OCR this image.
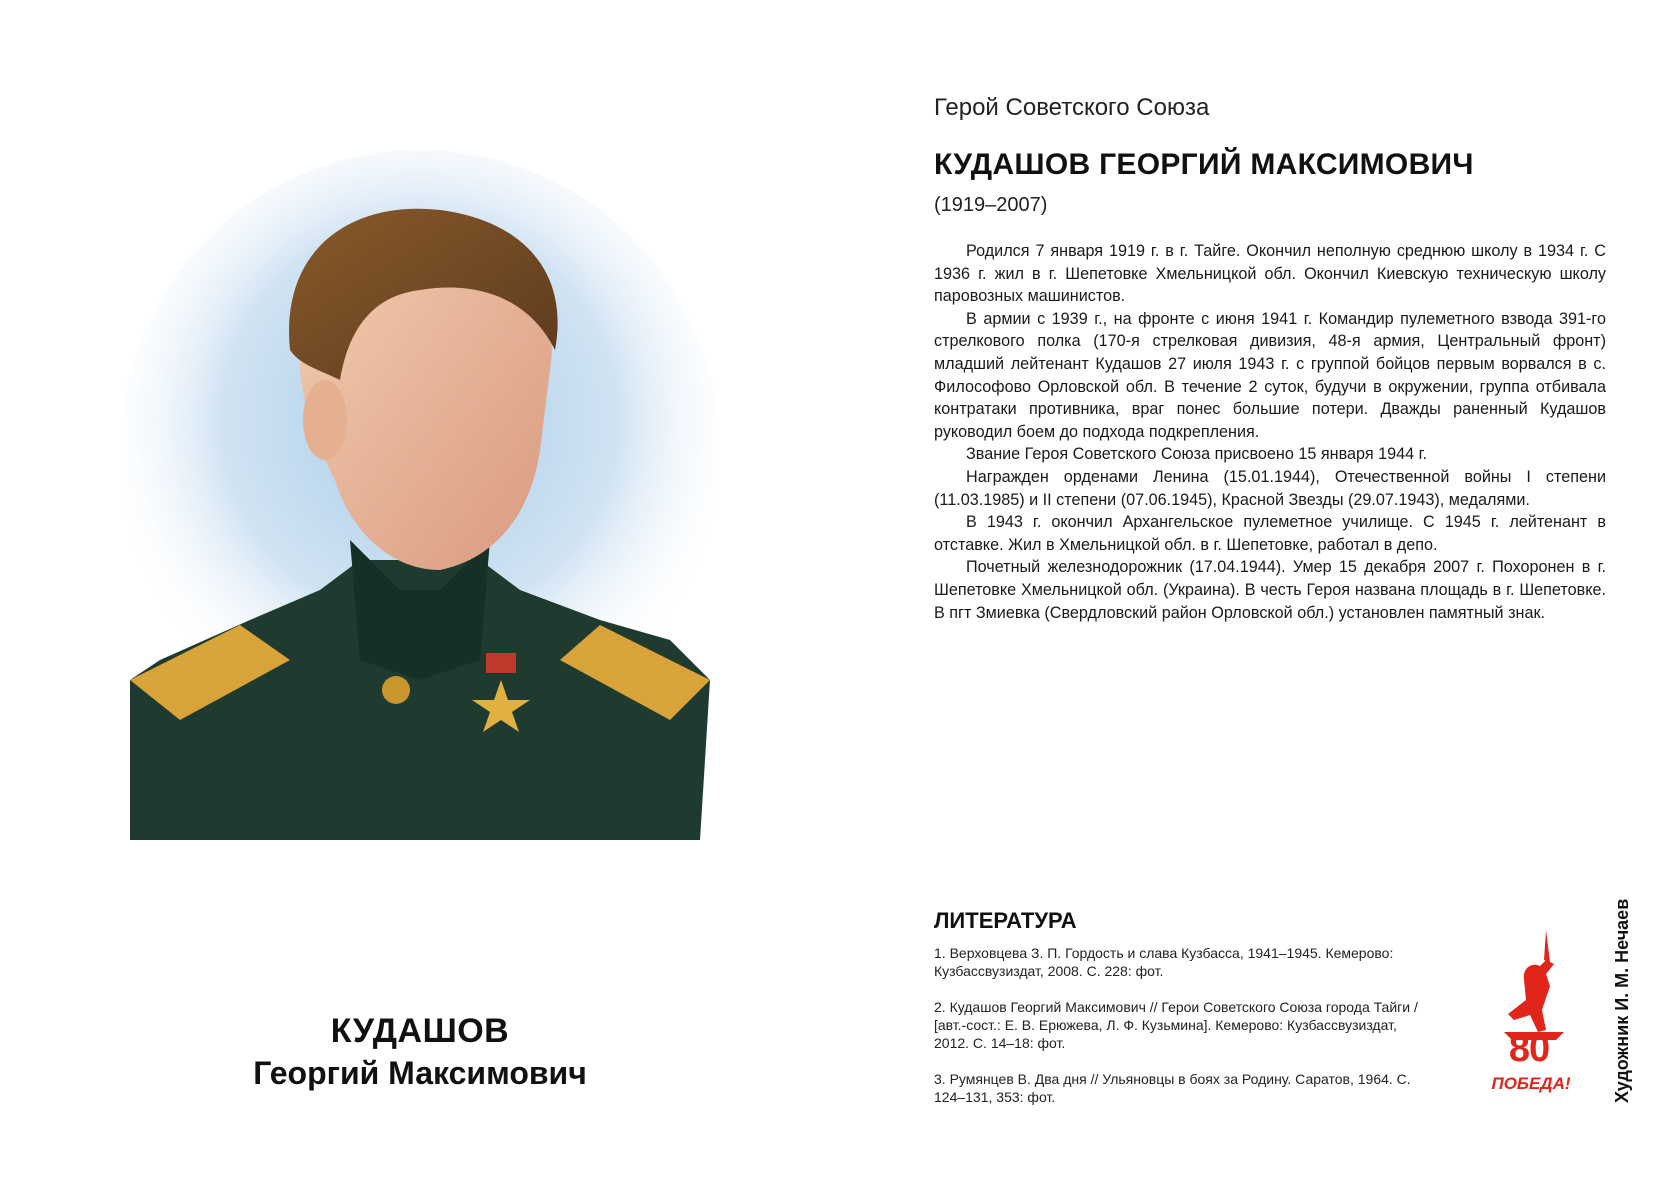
КУДАШОВ
Георгий Максимович
Герой Советского Союза
КУДАШОВ ГЕОРГИЙ МАКСИМОВИЧ
(1919–2007)

Родился 7 января 1919 г. в г. Тайге. Окончил неполную среднюю школу в 1934 г. С 1936 г. жил в г. Шепетовке Хмельницкой обл. Окончил Киевскую техническую школу паровозных машинистов.

В армии с 1939 г., на фронте с июня 1941 г. Командир пулеметного взвода 391-го стрелкового полка (170-я стрелковая дивизия, 48-я армия, Центральный фронт) младший лейтенант Кудашов 27 июля 1943 г. с группой бойцов первым ворвался в с. Философово Орловской обл. В течение 2 суток, будучи в окружении, группа отбивала контратаки противника, враг понес большие потери. Дважды раненный Кудашов руководил боем до подхода подкрепления.

Звание Героя Советского Союза присвоено 15 января 1944 г.

Награжден орденами Ленина (15.01.1944), Отечественной войны I степени (11.03.1985) и II степени (07.06.1945), Красной Звезды (29.07.1943), медалями.

В 1943 г. окончил Архангельское пулеметное училище. С 1945 г. лейтенант в отставке. Жил в Хмельницкой обл. в г. Шепетовке, работал в депо.

Почетный железнодорожник (17.04.1944). Умер 15 декабря 2007 г. Похоронен в г. Шепетовке Хмельницкой обл. (Украина). В честь Героя названа площадь в г. Шепетовке. В пгт Змиевка (Свердловский район Орловской обл.) установлен памятный знак.

ЛИТЕРАТУРА
1. Верховцева З. П. Гордость и слава Кузбасса, 1941–1945. Кемерово: Кузбассвузиздат, 2008. С. 228: фот.
2. Кудашов Георгий Максимович // Герои Советского Союза города Тайги / [авт.-сост.: Е. В. Ерюжева, Л. Ф. Кузьмина]. Кемерово: Кузбассвузиздат, 2012. С. 14–18: фот.
3. Румянцев В. Два дня // Ульяновцы в боях за Родину. Саратов, 1964. С. 124–131, 353: фот.
80
ПОБЕДА!	Художник И. М. Нечаев
